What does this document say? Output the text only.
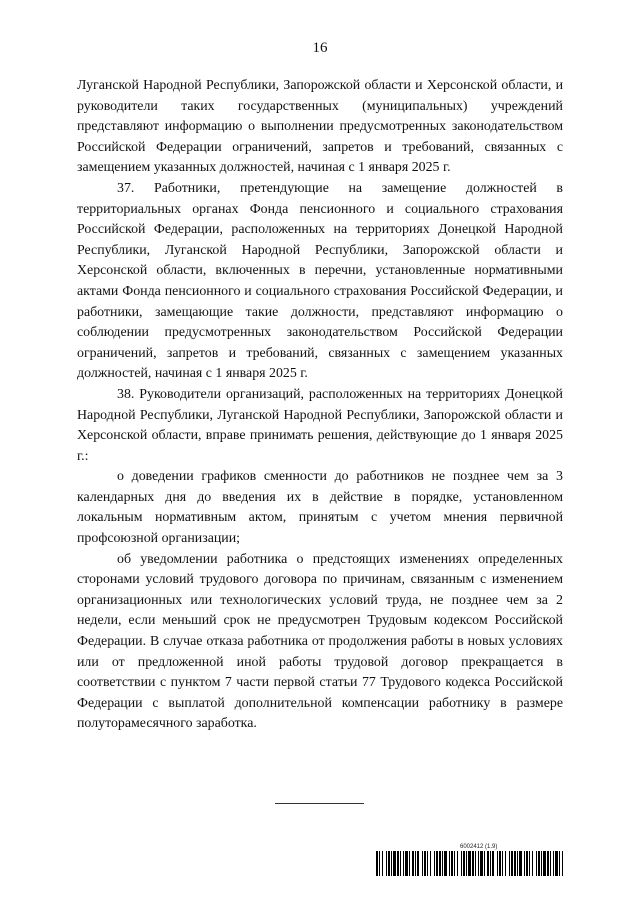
16

Луганской Народной Республики, Запорожской области и Херсонской области, и руководители таких государственных (муниципальных) учреждений представляют информацию о выполнении предусмотренных законодательством Российской Федерации ограничений, запретов и требований, связанных с замещением указанных должностей, начиная с 1 января 2025 г.

37. Работники, претендующие на замещение должностей в территориальных органах Фонда пенсионного и социального страхования Российской Федерации, расположенных на территориях Донецкой Народной Республики, Луганской Народной Республики, Запорожской области и Херсонской области, включенных в перечни, установленные нормативными актами Фонда пенсионного и социального страхования Российской Федерации, и работники, замещающие такие должности, представляют информацию о соблюдении предусмотренных законодательством Российской Федерации ограничений, запретов и требований, связанных с замещением указанных должностей, начиная с 1 января 2025 г.

38. Руководители организаций, расположенных на территориях Донецкой Народной Республики, Луганской Народной Республики, Запорожской области и Херсонской области, вправе принимать решения, действующие до 1 января 2025 г.:

о доведении графиков сменности до работников не позднее чем за 3 календарных дня до введения их в действие в порядке, установленном локальным нормативным актом, принятым с учетом мнения первичной профсоюзной организации;

об уведомлении работника о предстоящих изменениях определенных сторонами условий трудового договора по причинам, связанным с изменением организационных или технологических условий труда, не позднее чем за 2 недели, если меньший срок не предусмотрен Трудовым кодексом Российской Федерации. В случае отказа работника от продолжения работы в новых условиях или от предложенной иной работы трудовой договор прекращается в соответствии с пунктом 7 части первой статьи 77 Трудового кодекса Российской Федерации с выплатой дополнительной компенсации работнику в размере полуторамесячного заработка.

6002412 (1.9)
